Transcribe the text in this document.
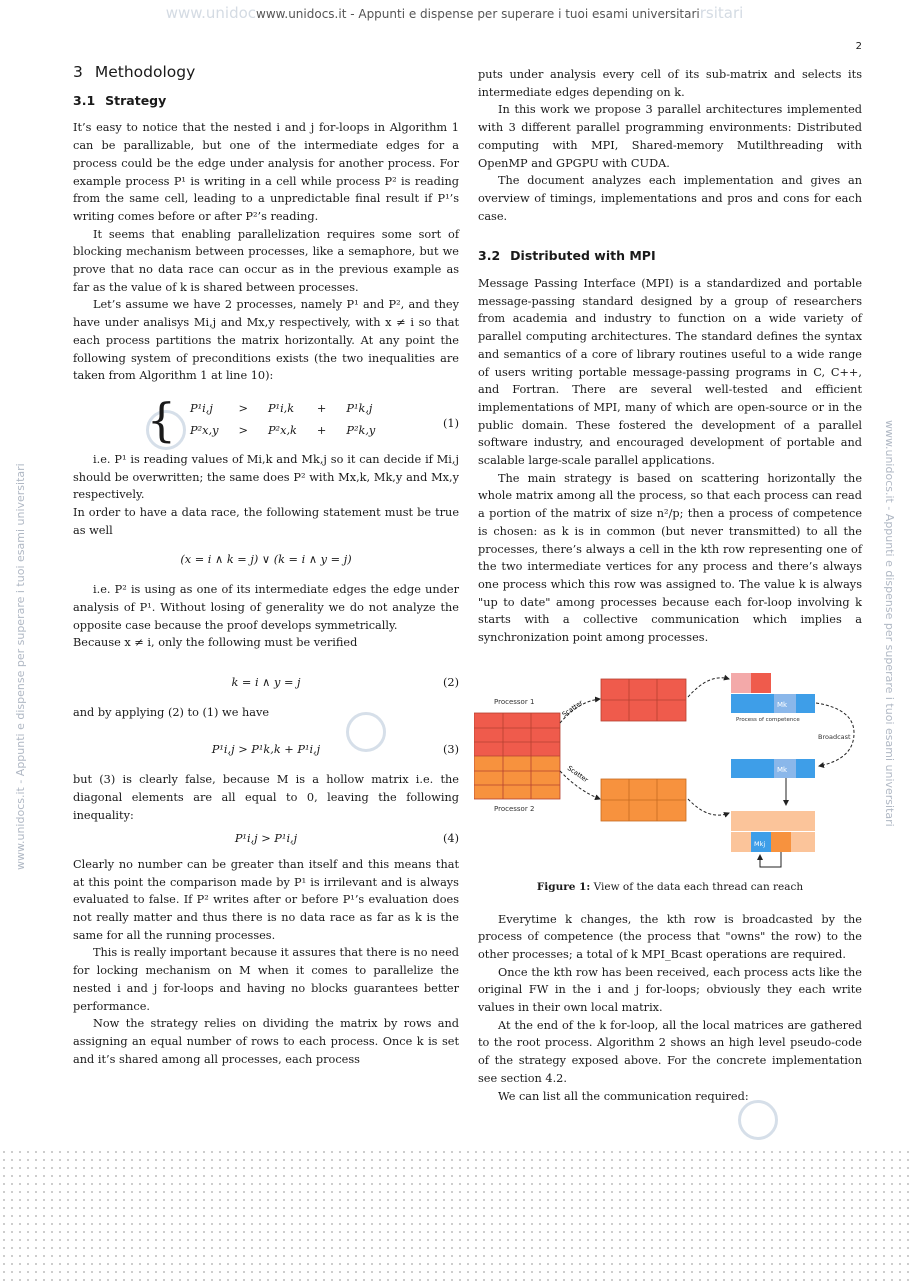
www.unidocwww.unidocs.it - Appunti e dispense per superare i tuoi esami universitarirsitari
2
www.unidocs.it - Appunti e dispense per superare i tuoi esami universitari	www.unidocs.it - Appunti e dispense per superare i tuoi esami universitari
3 Methodology
3.1 Strategy

It’s easy to notice that the nested i and j for-loops in Algorithm 1 can be parallizable, but one of the intermediate edges for a process could be the edge under analysis for another process. For example process P¹ is writing in a cell while process P² is reading from the same cell, leading to a unpredictable final result if P¹’s writing comes before or after P²’s reading.

It seems that enabling parallelization requires some sort of blocking mechanism between processes, like a semaphore, but we prove that no data race can occur as in the previous example as far as the value of k is shared between processes.

Let’s assume we have 2 processes, namely P¹ and P², and they have under analisys Mi,j and Mx,y respectively, with x ≠ i so that each process partitions the matrix horizontally. At any point the following system of preconditions exists (the two inequalities are taken from Algorithm 1 at line 10):

{ P¹i,j	>	P¹i,k	+	P¹k,j
P²x,y	>	P²x,k	+	P²k,y
(1)

i.e. P¹ is reading values of Mi,k and Mk,j so it can decide if Mi,j should be overwritten; the same does P² with Mx,k, Mk,y and Mx,y respectively.

In order to have a data race, the following statement must be true as well

(x = i ∧ k = j) ∨ (k = i ∧ y = j)

i.e. P² is using as one of its intermediate edges the edge under analysis of P¹. Without losing of generality we do not analyze the opposite case because the proof develops symmetrically.

Because x ≠ i, only the following must be verified

k = i ∧ y = j	(2)

and by applying (2) to (1) we have

P¹i,j > P¹k,k + P¹i,j	(3)

but (3) is clearly false, because M is a hollow matrix i.e. the diagonal elements are all equal to 0, leaving the following inequality:

P¹i,j > P¹i,j	(4)

Clearly no number can be greater than itself and this means that at this point the comparison made by P¹ is irrilevant and is always evaluated to false. If P² writes after or before P¹’s evaluation does not really matter and thus there is no data race as far as k is the same for all the running processes.

This is really important because it assures that there is no need for locking mechanism on M when it comes to parallelize the nested i and j for-loops and having no blocks guarantees better performance.

Now the strategy relies on dividing the matrix by rows and assigning an equal number of rows to each process. Once k is set and it’s shared among all processes, each process

puts under analysis every cell of its sub-matrix and selects its intermediate edges depending on k.

In this work we propose 3 parallel architectures implemented with 3 different parallel programming environments: Distributed computing with MPI, Shared-memory Mutilthreading with OpenMP and GPGPU with CUDA.

The document analyzes each implementation and gives an overview of timings, implementations and pros and cons for each case.

3.2 Distributed with MPI

Message Passing Interface (MPI) is a standardized and portable message-passing standard designed by a group of researchers from academia and industry to function on a wide variety of parallel computing architectures. The standard defines the syntax and semantics of a core of library routines useful to a wide range of users writing portable message-passing programs in C, C++, and Fortran. There are several well-tested and efficient implementations of MPI, many of which are open-source or in the public domain. These fostered the development of a parallel software industry, and encouraged development of portable and scalable large-scale parallel applications.

The main strategy is based on scattering horizontally the whole matrix among all the process, so that each process can read a portion of the matrix of size n²/p; then a process of competence is chosen: as k is in common (but never transmitted) to all the processes, there’s always a cell in the kth row representing one of the two intermediate vertices for any process and there’s always one process which this row was assigned to. The value k is always "up to date" among processes because each for-loop involving k starts with a collective communication which implies a synchronization point among processes.

Processor 1
Processor 2
Scatter
Scatter
Mk
Process of competence
Broadcast
Mk
Mkj
Figure 1: View of the data each thread can reach

Everytime k changes, the kth row is broadcasted by the process of competence (the process that "owns" the row) to the other processes; a total of k MPI_Bcast operations are required.

Once the kth row has been received, each process acts like the original FW in the i and j for-loops; obviously they each write values in their own local matrix.

At the end of the k for-loop, all the local matrices are gathered to the root process. Algorithm 2 shows an high level pseudo-code of the strategy exposed above. For the concrete implementation see section 4.2.

We can list all the communication required:
